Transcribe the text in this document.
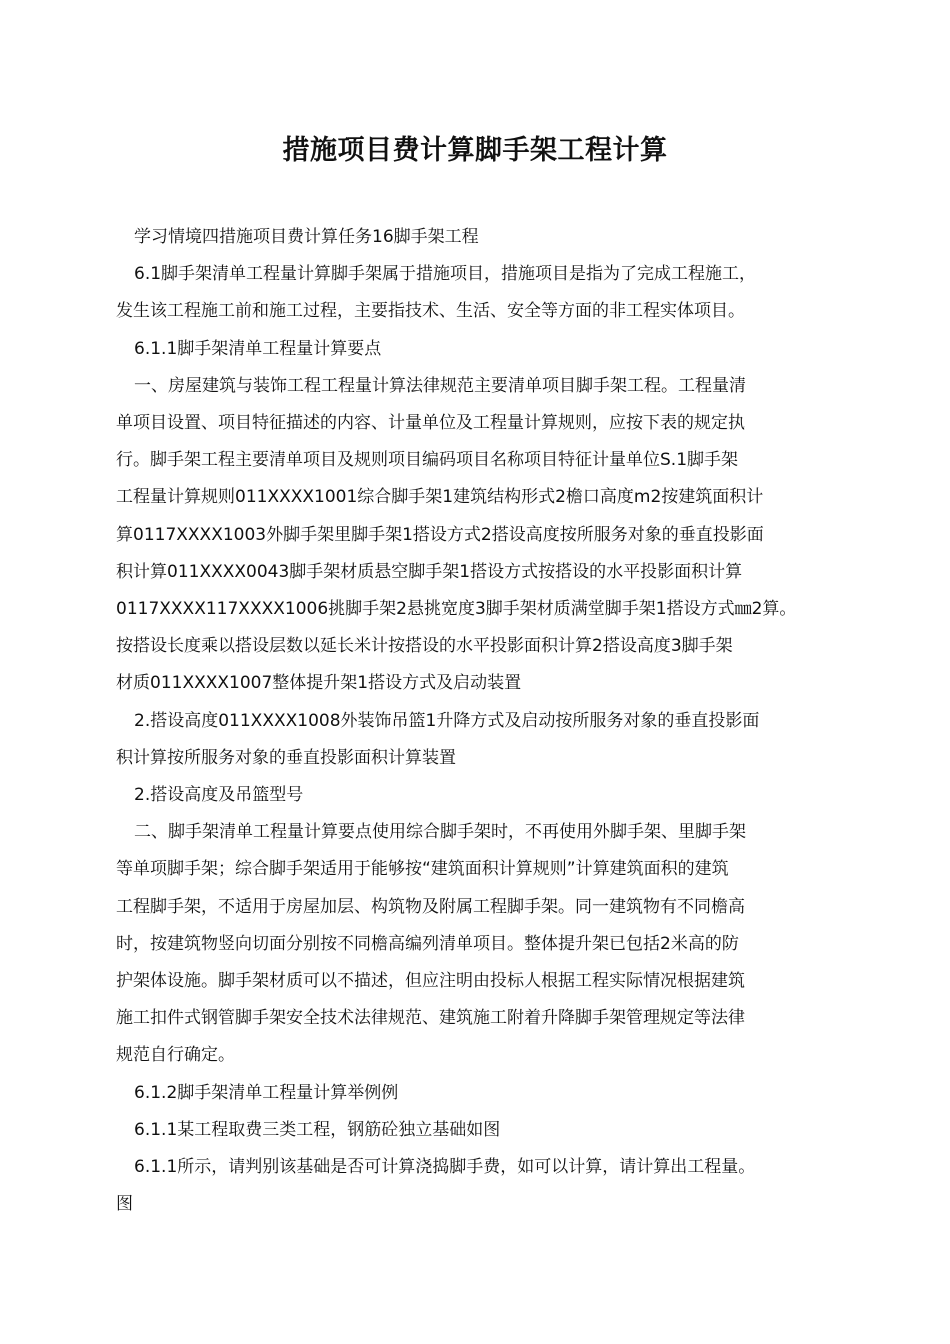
措施项目费计算脚手架工程计算

学习情境四措施项目费计算任务16脚手架工程

6.1脚手架清单工程量计算脚手架属于措施项目，措施项目是指为了完成工程施工，
发生该工程施工前和施工过程，主要指技术、生活、安全等方面的非工程实体项目。

6.1.1脚手架清单工程量计算要点

一、房屋建筑与装饰工程工程量计算法律规范主要清单项目脚手架工程。工程量清
单项目设置、项目特征描述的内容、计量单位及工程量计算规则，应按下表的规定执
行。脚手架工程主要清单项目及规则项目编码项目名称项目特征计量单位S.1脚手架
工程量计算规则011XXXX1001综合脚手架1建筑结构形式2檐口高度m2按建筑面积计
算0117XXXX1003外脚手架里脚手架1搭设方式2搭设高度按所服务对象的垂直投影面
积计算011XXXX0043脚手架材质悬空脚手架1搭设方式按搭设的水平投影面积计算
0117XXXX117XXXX1006挑脚手架2悬挑宽度3脚手架材质满堂脚手架1搭设方式㎜2算。
按搭设长度乘以搭设层数以延长米计按搭设的水平投影面积计算2搭设高度3脚手架
材质011XXXX1007整体提升架1搭设方式及启动装置

2.搭设高度011XXXX1008外装饰吊篮1升降方式及启动按所服务对象的垂直投影面
积计算按所服务对象的垂直投影面积计算装置

2.搭设高度及吊篮型号

二、脚手架清单工程量计算要点使用综合脚手架时，不再使用外脚手架、里脚手架
等单项脚手架；综合脚手架适用于能够按“建筑面积计算规则”计算建筑面积的建筑
工程脚手架，不适用于房屋加层、构筑物及附属工程脚手架。同一建筑物有不同檐高
时，按建筑物竖向切面分别按不同檐高编列清单项目。整体提升架已包括2米高的防
护架体设施。脚手架材质可以不描述，但应注明由投标人根据工程实际情况根据建筑
施工扣件式钢管脚手架安全技术法律规范、建筑施工附着升降脚手架管理规定等法律
规范自行确定。

6.1.2脚手架清单工程量计算举例例

6.1.1某工程取费三类工程，钢筋砼独立基础如图

6.1.1所示，请判别该基础是否可计算浇捣脚手费，如可以计算，请计算出工程量。
图
